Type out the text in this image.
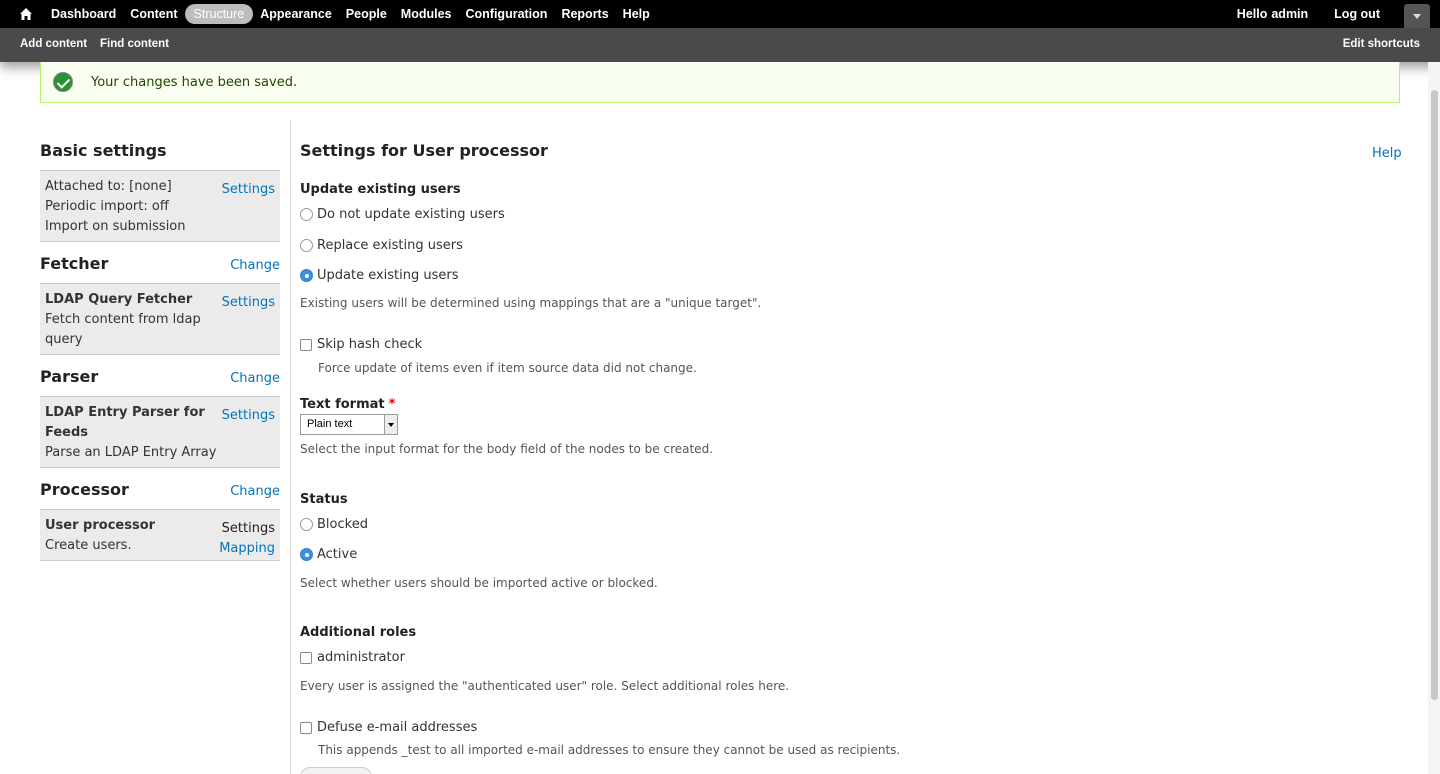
Dashboard	Content	Structure	Appearance	People	Modules	Configuration	Reports	Help	Hello admin Log out
Add content Find content	Edit shortcuts
Your changes have been saved.
Basic settings
Attached to: [none]
Periodic import: off
Import on submission
Settings
Fetcher	Change
LDAP Query Fetcher
Fetch content from ldap query
Settings
Parser	Change
LDAP Entry Parser for Feeds
Parse an LDAP Entry Array
Settings
Processor	Change
User processor
Create users.
Settings
Mapping
Settings for User processor	Help
Update existing users
Do not update existing users
Replace existing users
Update existing users
Existing users will be determined using mappings that are a "unique target".
Skip hash check
Force update of items even if item source data did not change.
Text format *
Plain text
Select the input format for the body field of the nodes to be created.
Status
Blocked
Active
Select whether users should be imported active or blocked.
Additional roles
administrator
Every user is assigned the "authenticated user" role. Select additional roles here.
Defuse e-mail addresses
This appends _test to all imported e-mail addresses to ensure they cannot be used as recipients.
